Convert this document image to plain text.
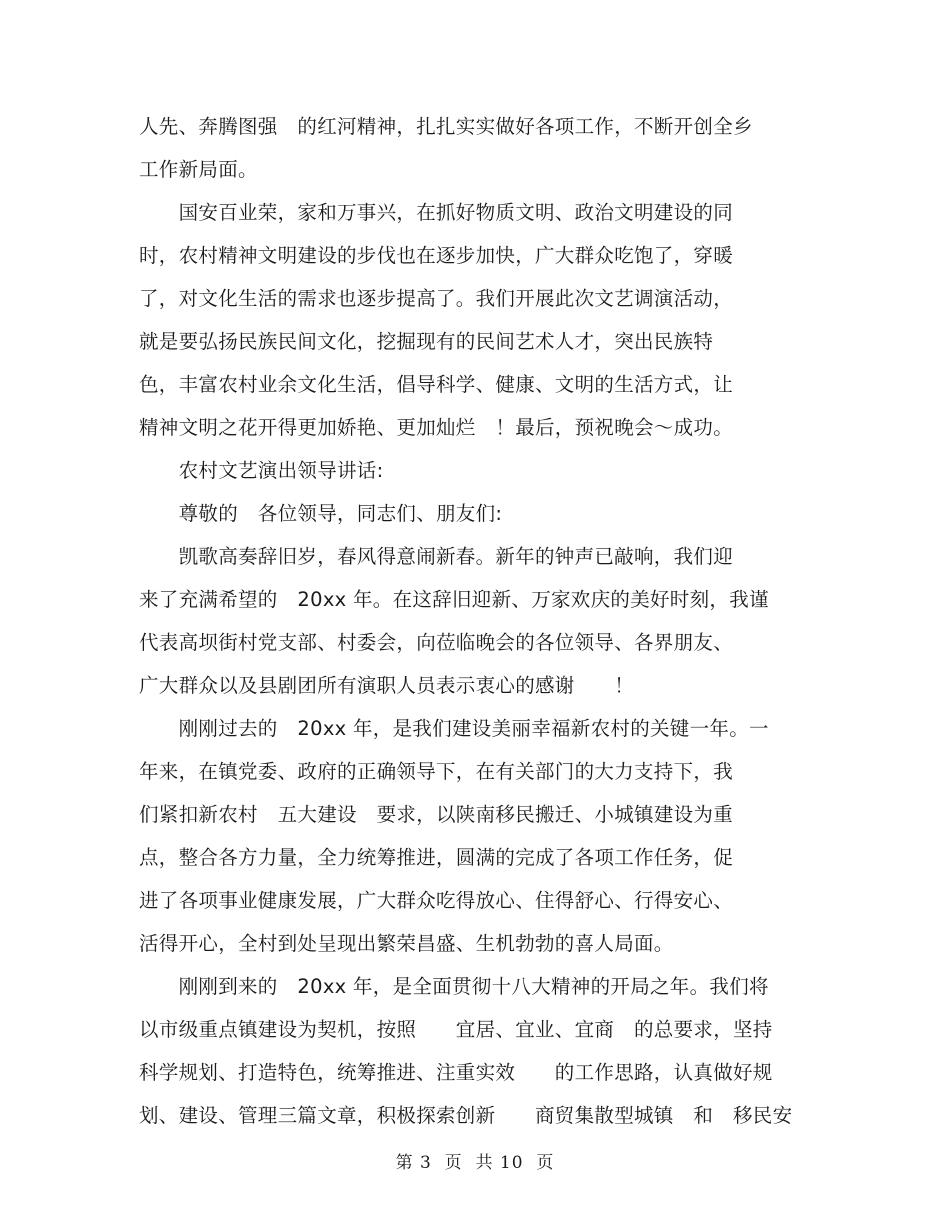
人先、奔腾图强　的红河精神，扎扎实实做好各项工作，不断开创全乡
工作新局面。
　　国安百业荣，家和万事兴，在抓好物质文明、政治文明建设的同
时，农村精神文明建设的步伐也在逐步加快，广大群众吃饱了，穿暖
了，对文化生活的需求也逐步提高了。我们开展此次文艺调演活动，
就是要弘扬民族民间文化，挖掘现有的民间艺术人才，突出民族特
色，丰富农村业余文化生活，倡导科学、健康、文明的生活方式，让
精神文明之花开得更加娇艳、更加灿烂　！最后，预祝晚会～成功。
　　农村文艺演出领导讲话:
　　尊敬的　各位领导，同志们、朋友们:
　　凯歌高奏辞旧岁，春风得意闹新春。新年的钟声已敲响，我们迎
来了充满希望的　20xx 年。在这辞旧迎新、万家欢庆的美好时刻，我谨
代表高坝街村党支部、村委会，向莅临晚会的各位领导、各界朋友、
广大群众以及县剧团所有演职人员表示衷心的感谢　　！
　　刚刚过去的　20xx 年，是我们建设美丽幸福新农村的关键一年。一
年来，在镇党委、政府的正确领导下，在有关部门的大力支持下，我
们紧扣新农村　五大建设　要求，以陕南移民搬迁、小城镇建设为重
点，整合各方力量，全力统筹推进，圆满的完成了各项工作任务，促
进了各项事业健康发展，广大群众吃得放心、住得舒心、行得安心、
活得开心，全村到处呈现出繁荣昌盛、生机勃勃的喜人局面。
　　刚刚到来的　20xx 年，是全面贯彻十八大精神的开局之年。我们将
以市级重点镇建设为契机，按照　　宜居、宜业、宜商　的总要求，坚持
科学规划、打造特色，统筹推进、注重实效　　的工作思路，认真做好规
划、建设、管理三篇文章，积极探索创新　　商贸集散型城镇　和　移民安
第 3  页  共 10  页
